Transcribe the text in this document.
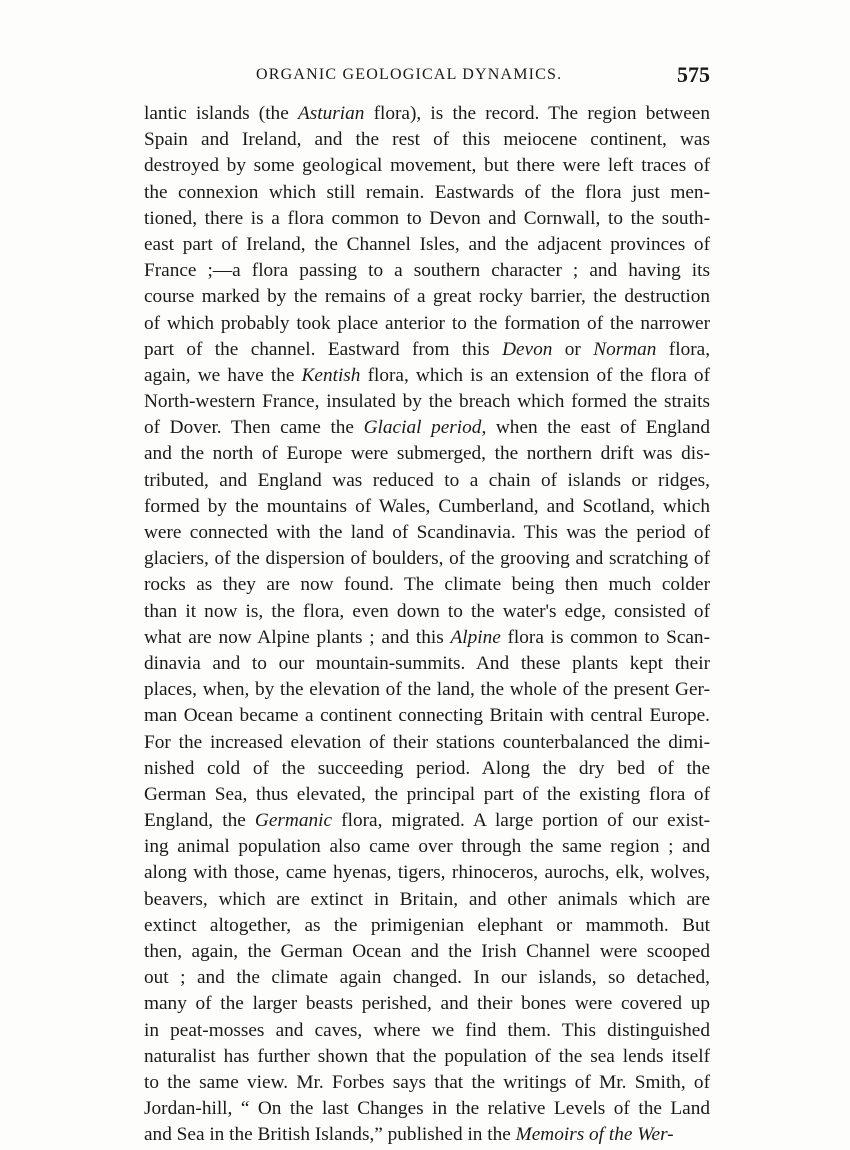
ORGANIC GEOLOGICAL DYNAMICS.	575
lantic islands (the Asturian flora), is the record. The region between
Spain and Ireland, and the rest of this meiocene continent, was
destroyed by some geological movement, but there were left traces of
the connexion which still remain. Eastwards of the flora just men-
tioned, there is a flora common to Devon and Cornwall, to the south-
east part of Ireland, the Channel Isles, and the adjacent provinces of
France ;—a flora passing to a southern character ; and having its
course marked by the remains of a great rocky barrier, the destruction
of which probably took place anterior to the formation of the narrower
part of the channel. Eastward from this Devon or Norman flora,
again, we have the Kentish flora, which is an extension of the flora of
North-western France, insulated by the breach which formed the straits
of Dover. Then came the Glacial period, when the east of England
and the north of Europe were submerged, the northern drift was dis-
tributed, and England was reduced to a chain of islands or ridges,
formed by the mountains of Wales, Cumberland, and Scotland, which
were connected with the land of Scandinavia. This was the period of
glaciers, of the dispersion of boulders, of the grooving and scratching of
rocks as they are now found. The climate being then much colder
than it now is, the flora, even down to the water's edge, consisted of
what are now Alpine plants ; and this Alpine flora is common to Scan-
dinavia and to our mountain-summits. And these plants kept their
places, when, by the elevation of the land, the whole of the present Ger-
man Ocean became a continent connecting Britain with central Europe.
For the increased elevation of their stations counterbalanced the dimi-
nished cold of the succeeding period. Along the dry bed of the
German Sea, thus elevated, the principal part of the existing flora of
England, the Germanic flora, migrated. A large portion of our exist-
ing animal population also came over through the same region ; and
along with those, came hyenas, tigers, rhinoceros, aurochs, elk, wolves,
beavers, which are extinct in Britain, and other animals which are
extinct altogether, as the primigenian elephant or mammoth. But
then, again, the German Ocean and the Irish Channel were scooped
out ; and the climate again changed. In our islands, so detached,
many of the larger beasts perished, and their bones were covered up
in peat-mosses and caves, where we find them. This distinguished
naturalist has further shown that the population of the sea lends itself
to the same view. Mr. Forbes says that the writings of Mr. Smith, of
Jordan-hill, “ On the last Changes in the relative Levels of the Land
and Sea in the British Islands,” published in the Memoirs of the Wer-
